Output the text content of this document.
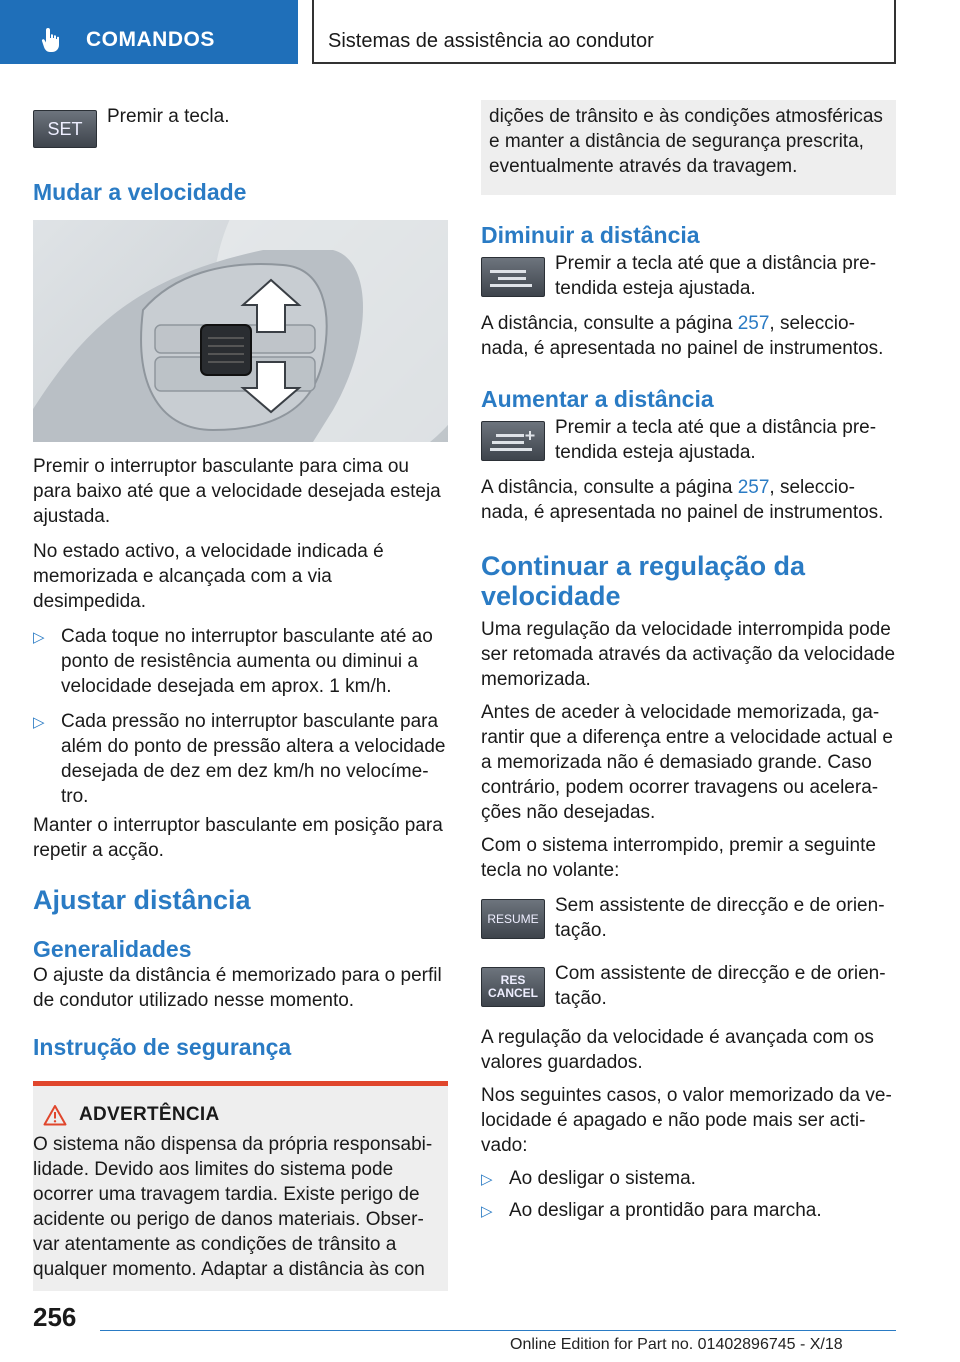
COMANDOS	Sistemas de assistência ao condutor
SET

Premir a tecla.

Mudar a velocidade

Premir o interruptor basculante para cima ou para baixo até que a velocidade desejada esteja ajustada.

No estado activo, a velocidade indicada é memorizada e alcançada com a via desimpedida.

▷ Cada toque no interruptor basculante até ao ponto de resistência aumenta ou diminui a velocidade desejada em aprox. 1 km/h.

▷ Cada pressão no interruptor basculante para além do ponto de pressão altera a velocidade desejada de dez em dez km/h no velocímetro.

Manter o interruptor basculante em posição para repetir a acção.

Ajustar distância
Generalidades

O ajuste da distância é memorizado para o perfil de condutor utilizado nesse momento.

Instrução de segurança
ADVERTÊNCIA

O sistema não dispensa da própria responsabilidade. Devido aos limites do sistema pode ocorrer uma travagem tardia. Existe perigo de acidente ou perigo de danos materiais. Observar atentamente as condições de trânsito a qualquer momento. Adaptar a distância às con

dições de trânsito e às condições atmosféricas e manter a distância de segurança prescrita, eventualmente através da travagem.

Diminuir a distância

Premir a tecla até que a distância pretendida esteja ajustada.

A distância, consulte a página 257, seleccionada, é apresentada no painel de instrumentos.

Aumentar a distância

Premir a tecla até que a distância pretendida esteja ajustada.

A distância, consulte a página 257, seleccionada, é apresentada no painel de instrumentos.

Continuar a regulação da velocidade

Uma regulação da velocidade interrompida pode ser retomada através da activação da velocidade memorizada.

Antes de aceder à velocidade memorizada, garantir que a diferença entre a velocidade actual e a memorizada não é demasiado grande. Caso contrário, podem ocorrer travagens ou acelerações não desejadas.

Com o sistema interrompido, premir a seguinte tecla no volante:

RESUME

Sem assistente de direcção e de orientação.

RES
CANCEL

Com assistente de direcção e de orientação.

A regulação da velocidade é avançada com os valores guardados.

Nos seguintes casos, o valor memorizado da velocidade é apagado e não pode mais ser activado:

▷ Ao desligar o sistema.

▷ Ao desligar a prontidão para marcha.

256
Online Edition for Part no. 01402896745 - X/18
